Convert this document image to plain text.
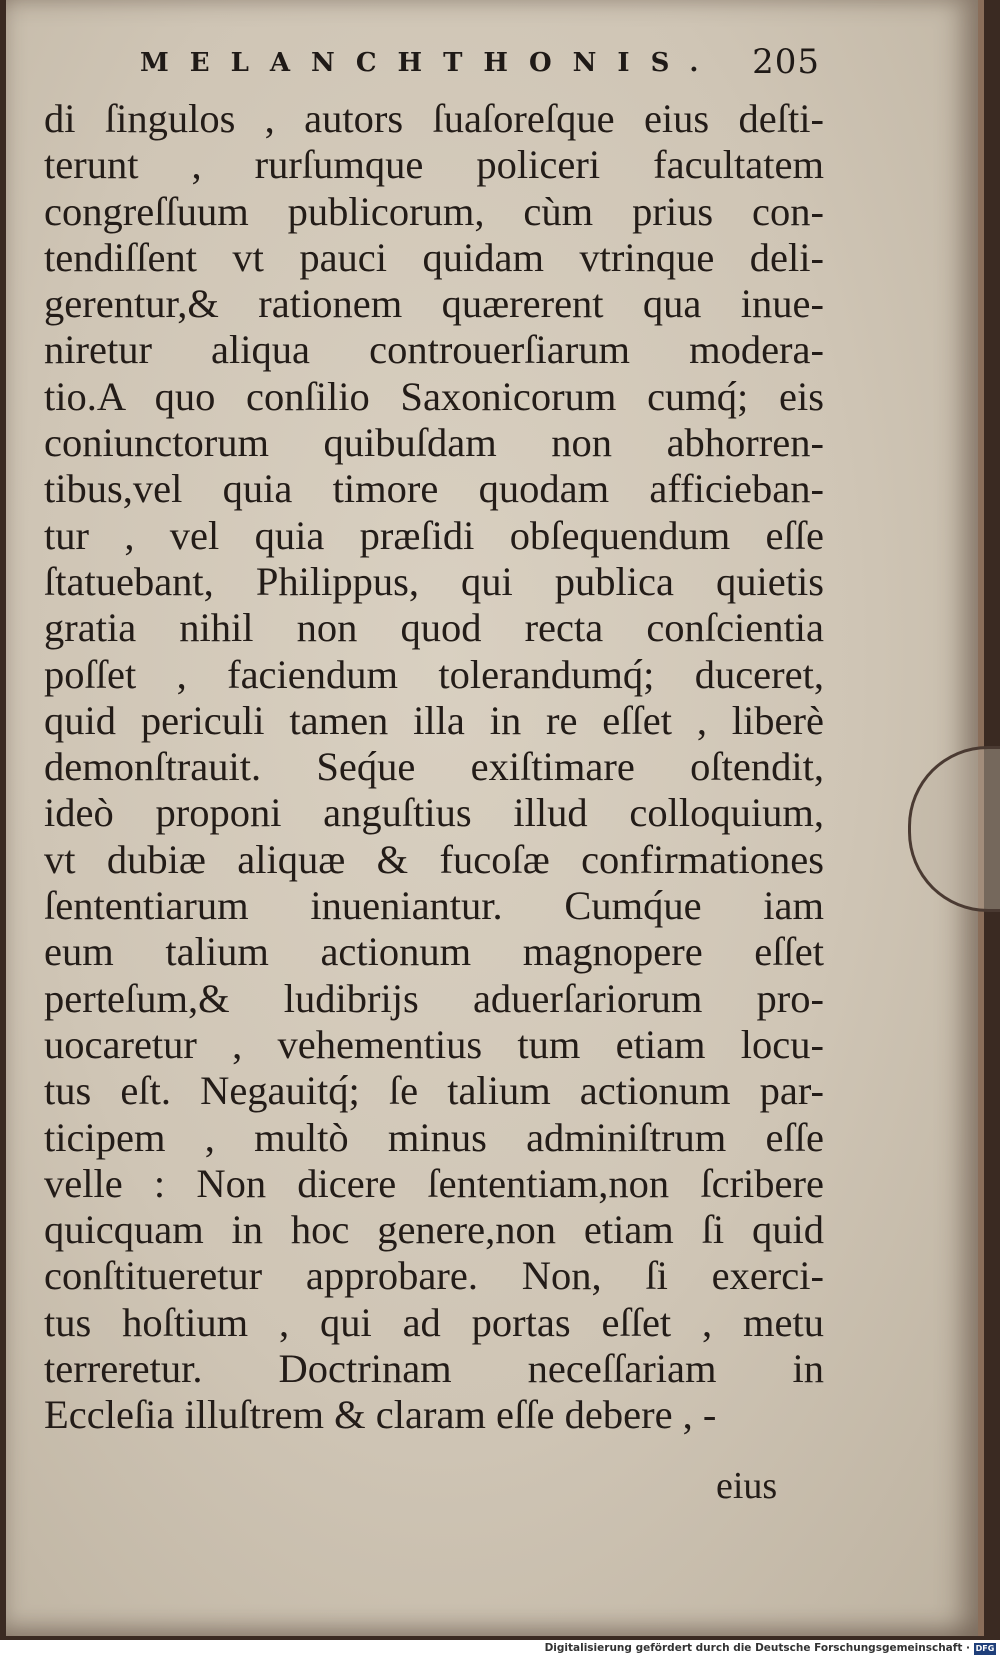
MELANCHTHONIS. 205
di ſingulos , autors ſuaſoreſque eius deſti-
terunt , rurſumque policeri facultatem
congreſſuum publicorum, cùm prius con-
tendiſſent vt pauci quidam vtrinque deli-
gerentur,& rationem quærerent qua inue-
niretur aliqua controuerſiarum modera-
tio.A quo conſilio Saxonicorum cumq́; eis
coniunctorum quibuſdam non abhorren-
tibus,vel quia timore quodam afficieban-
tur , vel quia præſidi obſequendum eſſe
ſtatuebant, Philippus, qui publica quietis
gratia nihil non quod recta conſcientia
poſſet , faciendum tolerandumq́; duceret,
quid periculi tamen illa in re eſſet , liberè
demonſtrauit. Seq́ue exiſtimare oſtendit,
ideò proponi anguſtius illud colloquium,
vt dubiæ aliquæ & fucoſæ confirmationes
ſententiarum inueniantur. Cumq́ue iam
eum talium actionum magnopere eſſet
perteſum,& ludibrijs aduerſariorum pro-
uocaretur , vehementius tum etiam locu-
tus eſt. Negauitq́; ſe talium actionum par-
ticipem , multò minus adminiſtrum eſſe
velle : Non dicere ſententiam,non ſcribere
quicquam in hoc genere,non etiam ſi quid
conſtitueretur approbare. Non, ſi exerci-
tus hoſtium , qui ad portas eſſet , metu
terreretur. Doctrinam neceſſariam in
Eccleſia illuſtrem & claram eſſe debere , -
eius
Digitalisierung gefördert durch die Deutsche Forschungsgemeinschaft · DFG
